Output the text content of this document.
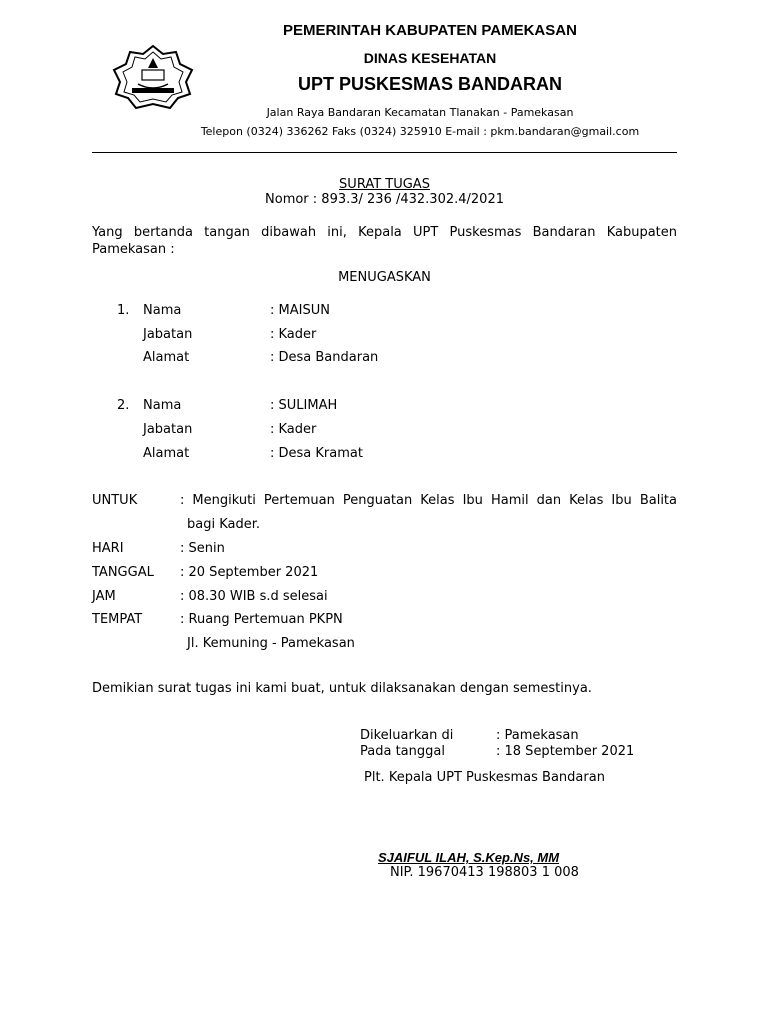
PEMERINTAH KABUPATEN PAMEKASAN
DINAS KESEHATAN
UPT PUSKESMAS BANDARAN
Jalan Raya Bandaran Kecamatan Tlanakan - Pamekasan
Telepon (0324) 336262 Faks (0324) 325910 E-mail : pkm.bandaran@gmail.com
SURAT TUGAS
Nomor : 893.3/ 236 /432.302.4/2021
Yang bertanda tangan dibawah ini, Kepala UPT Puskesmas Bandaran Kabupaten Pamekasan :
MENUGASKAN
1. Nama	: MAISUN
Jabatan	: Kader
Alamat	: Desa Bandaran
2. Nama	: SULIMAH
Jabatan	: Kader
Alamat	: Desa Kramat
UNTUK	: Mengikuti Pertemuan Penguatan Kelas Ibu Hamil dan Kelas Ibu Balita
bagi Kader.
HARI	: Senin
TANGGAL : 20 September 2021
JAM	: 08.30 WIB s.d selesai
TEMPAT	: Ruang Pertemuan PKPN
Jl. Kemuning - Pamekasan
Demikian surat tugas ini kami buat, untuk dilaksanakan dengan semestinya.
Dikeluarkan di	: Pamekasan
Pada tanggal	: 18 September 2021
Plt. Kepala UPT Puskesmas Bandaran
SJAIFUL ILAH, S.Kep.Ns, MM
NIP. 19670413 198803 1 008
